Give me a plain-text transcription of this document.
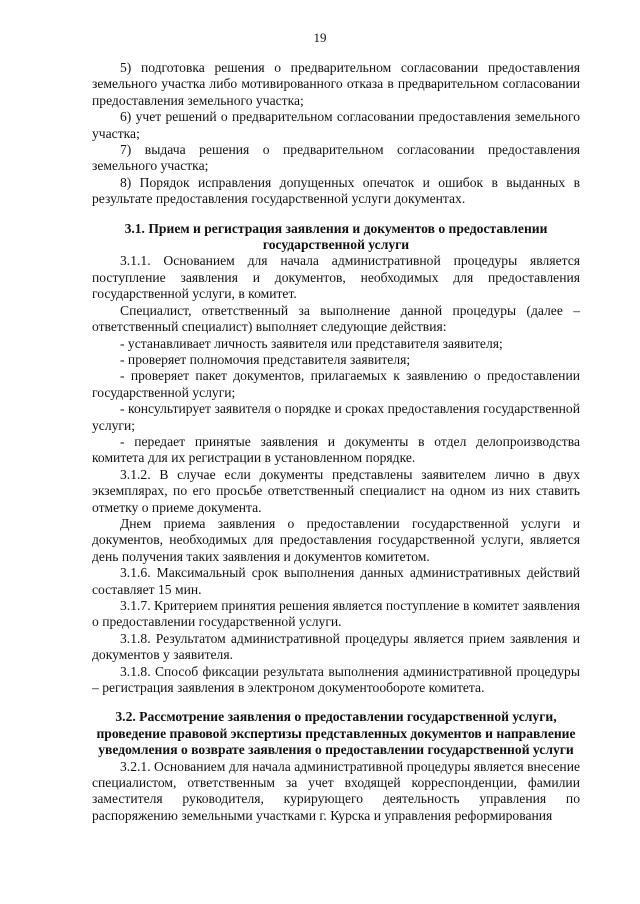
19

5) подготовка решения о предварительном согласовании предоставления земельного участка либо мотивированного отказа в предварительном согласовании предоставления земельного участка;

6) учет решений о предварительном согласовании предоставления земельного участка;

7) выдача решения о предварительном согласовании предоставления земельного участка;

8) Порядок исправления допущенных опечаток и ошибок в выданных в результате предоставления государственной услуги документах.

3.1. Прием и регистрация заявления и документов о предоставлении государственной услуги

3.1.1. Основанием для начала административной процедуры является поступление заявления и документов, необходимых для предоставления государственной услуги, в комитет.

Специалист, ответственный за выполнение данной процедуры (далее – ответственный специалист) выполняет следующие действия:

- устанавливает личность заявителя или представителя заявителя;

- проверяет полномочия представителя заявителя;

- проверяет пакет документов, прилагаемых к заявлению о предоставлении государственной услуги;

- консультирует заявителя о порядке и сроках предоставления государственной услуги;

- передает принятые заявления и документы в отдел делопроизводства комитета для их регистрации в установленном порядке.

3.1.2. В случае если документы представлены заявителем лично в двух экземплярах, по его просьбе ответственный специалист на одном из них ставить отметку о приеме документа.

Днем приема заявления о предоставлении государственной услуги и документов, необходимых для предоставления государственной услуги, является день получения таких заявления и документов комитетом.

3.1.6. Максимальный срок выполнения данных административных действий составляет 15 мин.

3.1.7. Критерием принятия решения является поступление в комитет заявления о предоставлении государственной услуги.

3.1.8. Результатом административной процедуры является прием заявления и документов у заявителя.

3.1.8. Способ фиксации результата выполнения административной процедуры – регистрация заявления в электроном документообороте комитета.

3.2. Рассмотрение заявления о предоставлении государственной услуги, проведение правовой экспертизы представленных документов и направление уведомления о возврате заявления о предоставлении государственной услуги

3.2.1. Основанием для начала административной процедуры является внесение специалистом, ответственным за учет входящей корреспонденции, фамилии заместителя руководителя, курирующего деятельность управления по распоряжению земельными участками г. Курска и управления реформирования
